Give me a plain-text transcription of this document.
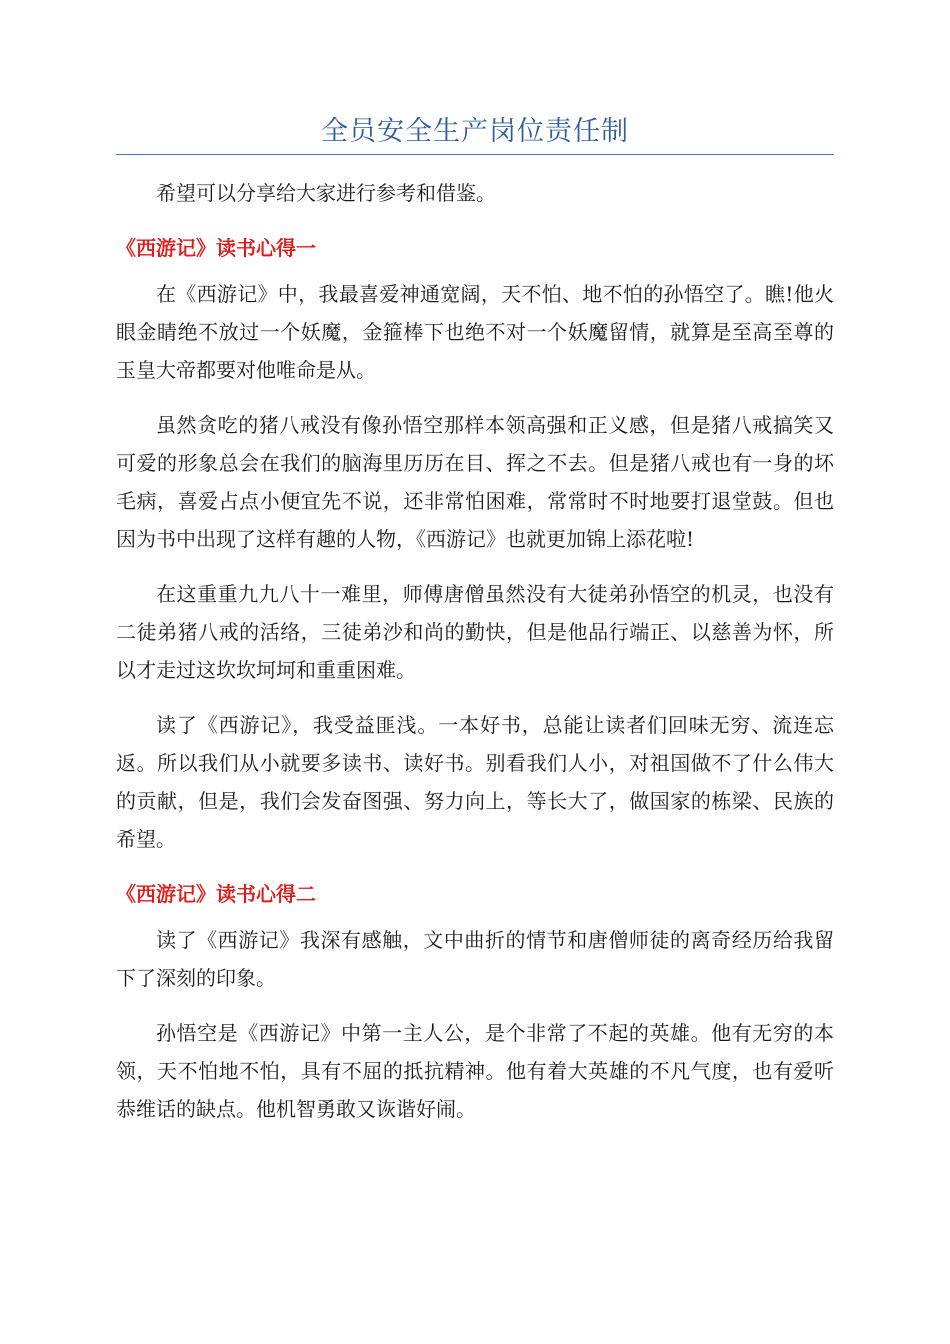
全员安全生产岗位责任制

希望可以分享给大家进行参考和借鉴。

《西游记》读书心得一

在《西游记》中，我最喜爱神通宽阔，天不怕、地不怕的孙悟空了。瞧!他火眼金睛绝不放过一个妖魔，金箍棒下也绝不对一个妖魔留情，就算是至高至尊的玉皇大帝都要对他唯命是从。

虽然贪吃的猪八戒没有像孙悟空那样本领高强和正义感，但是猪八戒搞笑又可爱的形象总会在我们的脑海里历历在目、挥之不去。但是猪八戒也有一身的坏毛病，喜爱占点小便宜先不说，还非常怕困难，常常时不时地要打退堂鼓。但也因为书中出现了这样有趣的人物，《西游记》也就更加锦上添花啦!

在这重重九九八十一难里，师傅唐僧虽然没有大徒弟孙悟空的机灵，也没有二徒弟猪八戒的活络，三徒弟沙和尚的勤快，但是他品行端正、以慈善为怀，所以才走过这坎坎坷坷和重重困难。

读了《西游记》，我受益匪浅。一本好书，总能让读者们回味无穷、流连忘返。所以我们从小就要多读书、读好书。别看我们人小，对祖国做不了什么伟大的贡献，但是，我们会发奋图强、努力向上，等长大了，做国家的栋梁、民族的希望。

《西游记》读书心得二

读了《西游记》我深有感触，文中曲折的情节和唐僧师徒的离奇经历给我留下了深刻的印象。

孙悟空是《西游记》中第一主人公，是个非常了不起的英雄。他有无穷的本领，天不怕地不怕，具有不屈的抵抗精神。他有着大英雄的不凡气度，也有爱听恭维话的缺点。他机智勇敢又诙谐好闹。
